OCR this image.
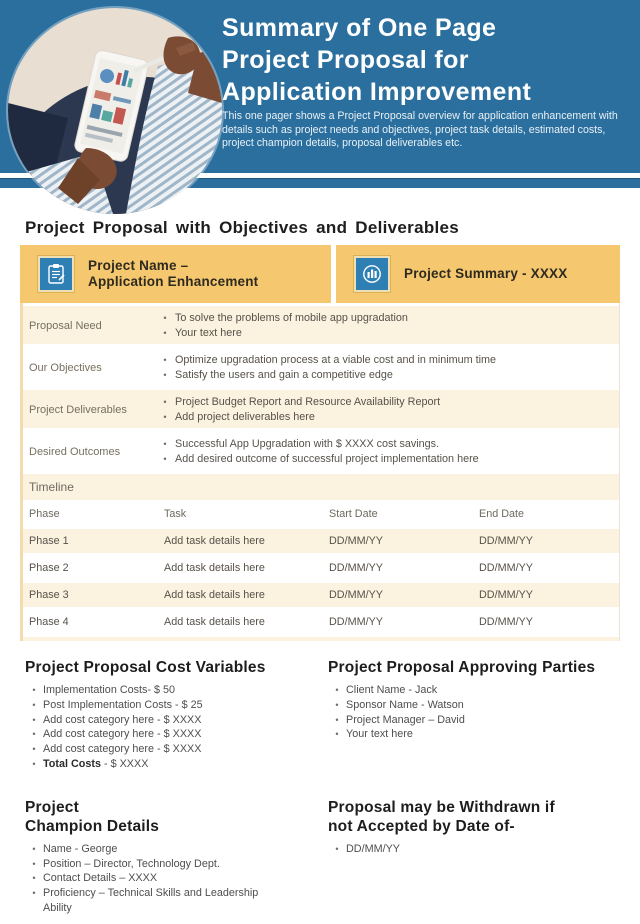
Summary of One Page
Project Proposal for
Application Improvement
This one pager shows a Project Proposal overview for application enhancement with details such as project needs and objectives, project task details, estimated costs, project champion details, proposal deliverables etc.
Project Proposal with Objectives and Deliverables
Project Name –
Application Enhancement
Project Summary - XXXX
Proposal Need
• To solve the problems of mobile app upgradation
• Your text here
Our Objectives
• Optimize upgradation process at a viable cost and in minimum time
• Satisfy the users and gain a competitive edge
Project Deliverables
• Project Budget Report and Resource Availability Report
• Add project deliverables here
Desired Outcomes
• Successful App Upgradation with $ XXXX cost savings.
• Add desired outcome of successful project implementation here
Timeline
Phase	Task	Start Date	End Date
Phase 1	Add task details here	DD/MM/YY	DD/MM/YY
Phase 2	Add task details here	DD/MM/YY	DD/MM/YY
Phase 3	Add task details here	DD/MM/YY	DD/MM/YY
Phase 4	Add task details here	DD/MM/YY	DD/MM/YY
Project Proposal Cost Variables
• Implementation Costs- $ 50
• Post Implementation Costs - $ 25
• Add cost category here - $ XXXX
• Add cost category here - $ XXXX
• Add cost category here - $ XXXX
• Total Costs - $ XXXX
Project Proposal Approving Parties
• Client Name - Jack
• Sponsor Name - Watson
• Project Manager – David
• Your text here
Project
Champion Details
• Name - George
• Position – Director, Technology Dept.
• Contact Details – XXXX
• Proficiency – Technical Skills and Leadership Ability
Proposal may be Withdrawn if
not Accepted by Date of-
• DD/MM/YY
